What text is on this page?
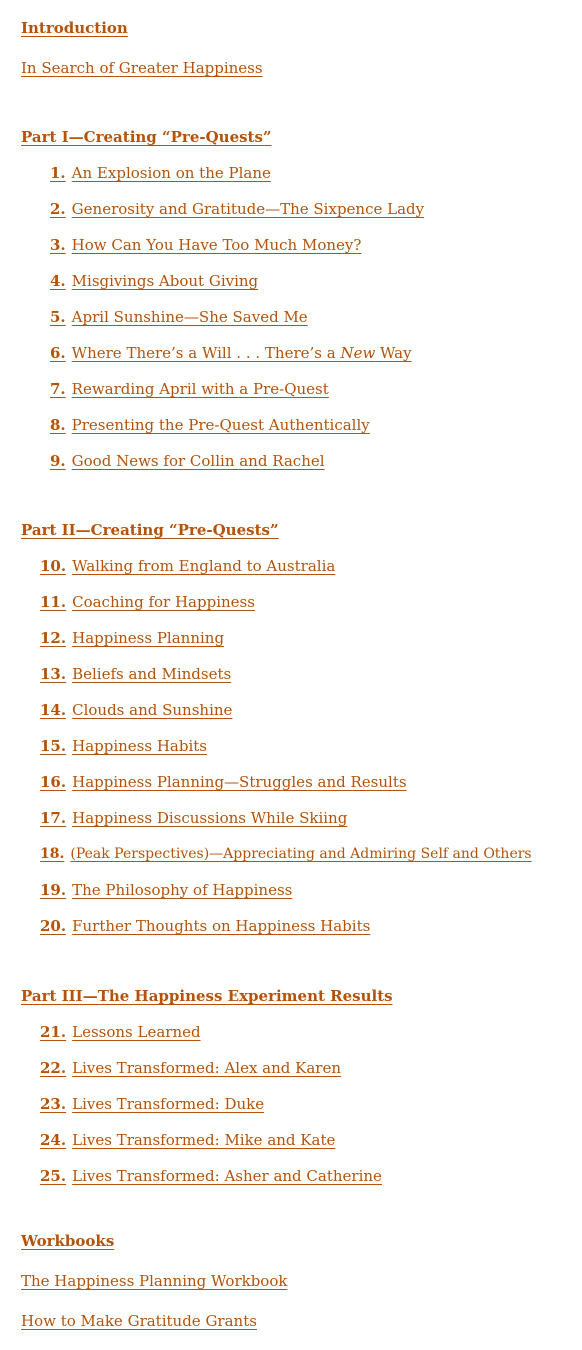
Introduction
In Search of Greater Happiness
Part I—Creating “Pre-Quests”
1. An Explosion on the Plane
2. Generosity and Gratitude—The Sixpence Lady
3. How Can You Have Too Much Money?
4. Misgivings About Giving
5. April Sunshine—She Saved Me
6. Where There’s a Will . . . There’s a New Way
7. Rewarding April with a Pre-Quest
8. Presenting the Pre-Quest Authentically
9. Good News for Collin and Rachel
Part II—Creating “Pre-Quests”
10. Walking from England to Australia
11. Coaching for Happiness
12. Happiness Planning
13. Beliefs and Mindsets
14. Clouds and Sunshine
15. Happiness Habits
16. Happiness Planning—Struggles and Results
17. Happiness Discussions While Skiing
18. (Peak Perspectives)—Appreciating and Admiring Self and Others
19. The Philosophy of Happiness
20. Further Thoughts on Happiness Habits
Part III—The Happiness Experiment Results
21. Lessons Learned
22. Lives Transformed: Alex and Karen
23. Lives Transformed: Duke
24. Lives Transformed: Mike and Kate
25. Lives Transformed: Asher and Catherine
Workbooks
The Happiness Planning Workbook
How to Make Gratitude Grants
